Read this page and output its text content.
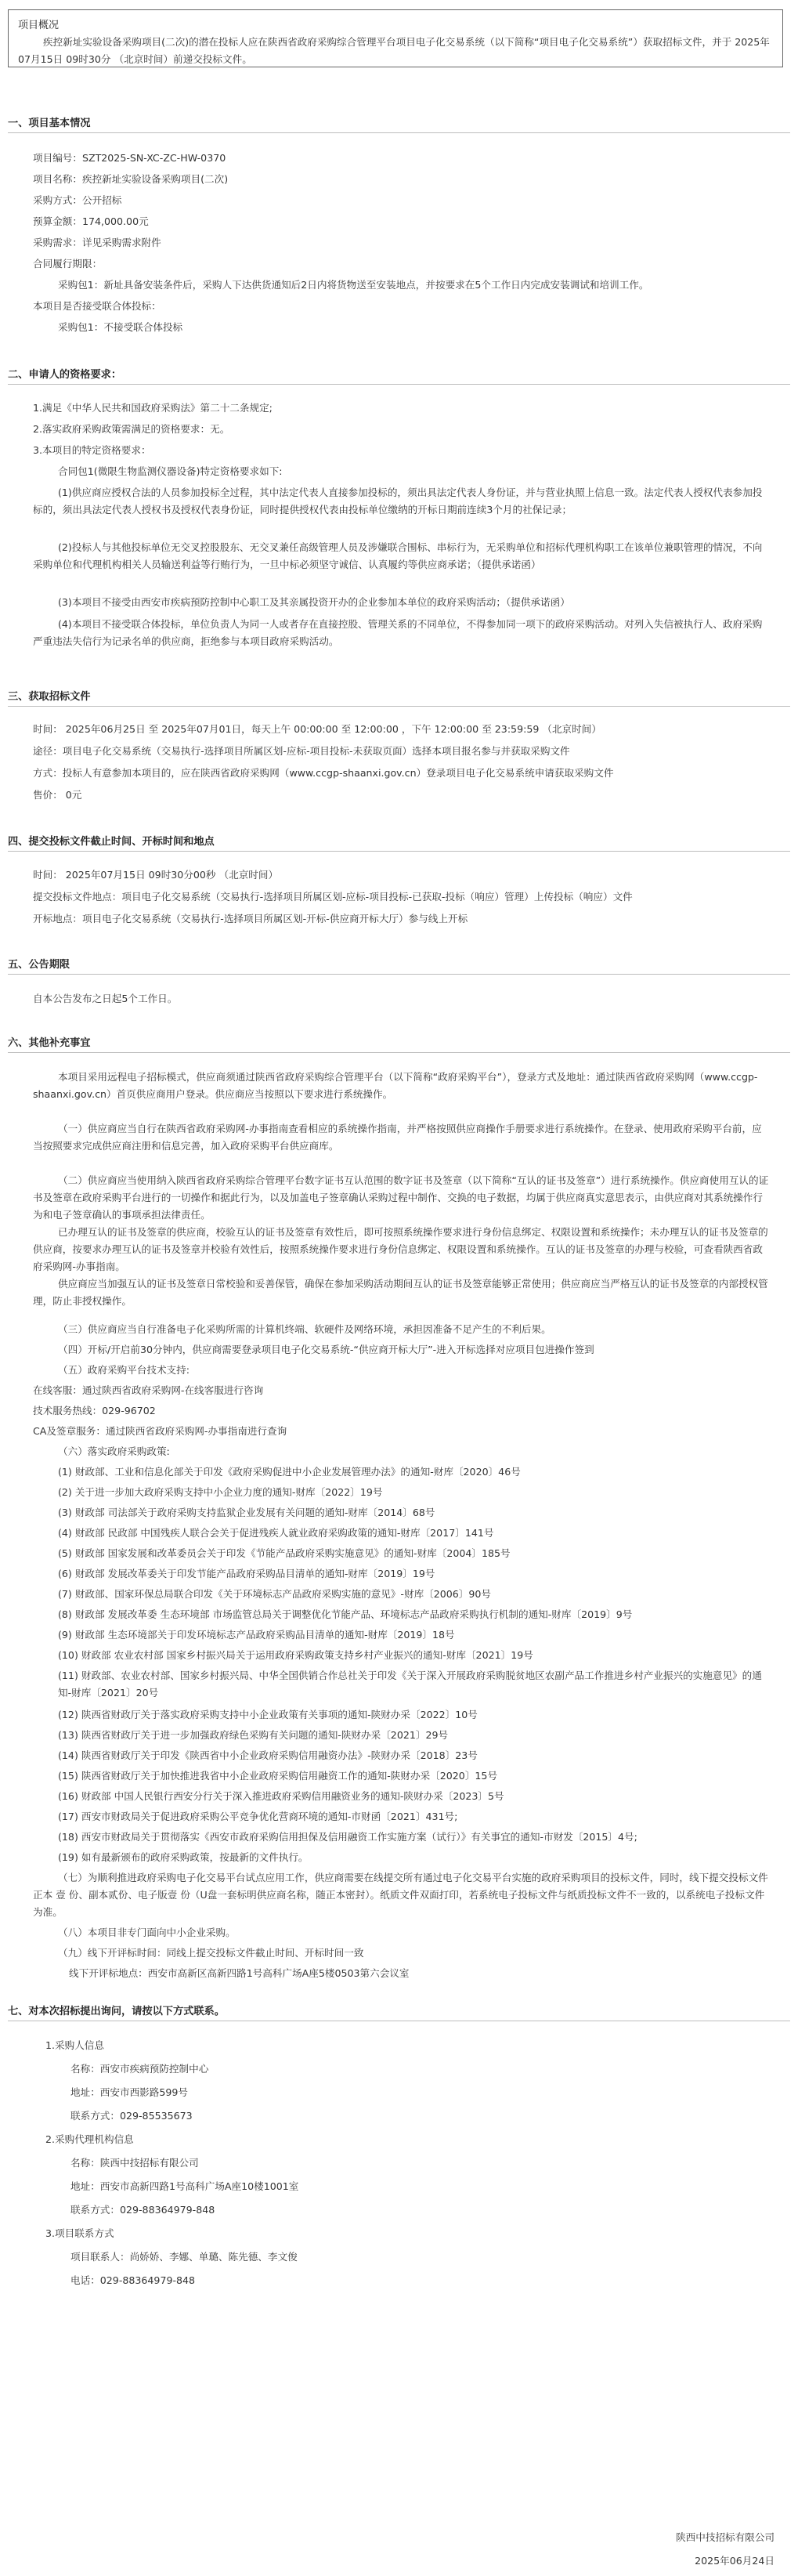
项目概况
疾控新址实验设备采购项目(二次)的潜在投标人应在陕西省政府采购综合管理平台项目电子化交易系统（以下简称“项目电子化交易系统”）获取招标文件，并于 2025年07月15日 09时30分 （北京时间）前递交投标文件。
一、项目基本情况
项目编号：SZT2025-SN-XC-ZC-HW-0370
项目名称：疾控新址实验设备采购项目(二次)
采购方式：公开招标
预算金额：174,000.00元
采购需求：详见采购需求附件
合同履行期限：
采购包1：新址具备安装条件后，采购人下达供货通知后2日内将货物送至安装地点，并按要求在5个工作日内完成安装调试和培训工作。
本项目是否接受联合体投标：
采购包1：不接受联合体投标
二、申请人的资格要求：
1.满足《中华人民共和国政府采购法》第二十二条规定;
2.落实政府采购政策需满足的资格要求：无。
3.本项目的特定资格要求：
合同包1(微限生物监测仪器设备)特定资格要求如下:
(1)供应商应授权合法的人员参加投标全过程，其中法定代表人直接参加投标的，须出具法定代表人身份证，并与营业执照上信息一致。法定代表人授权代表参加投标的，须出具法定代表人授权书及授权代表身份证，同时提供授权代表由投标单位缴纳的开标日期前连续3个月的社保记录；
(2)投标人与其他投标单位无交叉控股股东、无交叉兼任高级管理人员及涉嫌联合围标、串标行为，无采购单位和招标代理机构职工在该单位兼职管理的情况，不向采购单位和代理机构相关人员输送利益等行贿行为，一旦中标必须坚守诚信、认真履约等供应商承诺；（提供承诺函）
(3)本项目不接受由西安市疾病预防控制中心职工及其亲属投资开办的企业参加本单位的政府采购活动；（提供承诺函）
(4)本项目不接受联合体投标，单位负责人为同一人或者存在直接控股、管理关系的不同单位，不得参加同一项下的政府采购活动。对列入失信被执行人、政府采购严重违法失信行为记录名单的供应商，拒绝参与本项目政府采购活动。
三、获取招标文件
时间： 2025年06月25日 至 2025年07月01日，每天上午 00:00:00 至 12:00:00 ，下午 12:00:00 至 23:59:59 （北京时间）
途径：项目电子化交易系统（交易执行-选择项目所属区划-应标-项目投标-未获取页面）选择本项目报名参与并获取采购文件
方式：投标人有意参加本项目的，应在陕西省政府采购网（www.ccgp-shaanxi.gov.cn）登录项目电子化交易系统申请获取采购文件
售价： 0元
四、提交投标文件截止时间、开标时间和地点
时间： 2025年07月15日 09时30分00秒 （北京时间）
提交投标文件地点：项目电子化交易系统（交易执行-选择项目所属区划-应标-项目投标-已获取-投标（响应）管理）上传投标（响应）文件
开标地点：项目电子化交易系统（交易执行-选择项目所属区划-开标-供应商开标大厅）参与线上开标
五、公告期限
自本公告发布之日起5个工作日。
六、其他补充事宜
本项目采用远程电子招标模式，供应商须通过陕西省政府采购综合管理平台（以下简称“政府采购平台”），登录方式及地址：通过陕西省政府采购网（www.ccgp-shaanxi.gov.cn）首页供应商用户登录。供应商应当按照以下要求进行系统操作。
（一）供应商应当自行在陕西省政府采购网-办事指南查看相应的系统操作指南，并严格按照供应商操作手册要求进行系统操作。在登录、使用政府采购平台前，应当按照要求完成供应商注册和信息完善，加入政府采购平台供应商库。
（二）供应商应当使用纳入陕西省政府采购综合管理平台数字证书互认范围的数字证书及签章（以下简称“互认的证书及签章”）进行系统操作。供应商使用互认的证书及签章在政府采购平台进行的一切操作和据此行为，以及加盖电子签章确认采购过程中制作、交换的电子数据，均属于供应商真实意思表示，由供应商对其系统操作行为和电子签章确认的事项承担法律责任。
已办理互认的证书及签章的供应商，校验互认的证书及签章有效性后，即可按照系统操作要求进行身份信息绑定、权限设置和系统操作；未办理互认的证书及签章的供应商，按要求办理互认的证书及签章并校验有效性后，按照系统操作要求进行身份信息绑定、权限设置和系统操作。互认的证书及签章的办理与校验，可查看陕西省政府采购网-办事指南。
供应商应当加强互认的证书及签章日常校验和妥善保管，确保在参加采购活动期间互认的证书及签章能够正常使用；供应商应当严格互认的证书及签章的内部授权管理，防止非授权操作。
（三）供应商应当自行准备电子化采购所需的计算机终端、软硬件及网络环境，承担因准备不足产生的不利后果。
（四）开标/开启前30分钟内，供应商需要登录项目电子化交易系统-“供应商开标大厅”-进入开标选择对应项目包进操作签到
（五）政府采购平台技术支持:
在线客服：通过陕西省政府采购网-在线客服进行咨询
技术服务热线：029-96702
CA及签章服务：通过陕西省政府采购网-办事指南进行查询
（六）落实政府采购政策:
(1) 财政部、工业和信息化部关于印发《政府采购促进中小企业发展管理办法》的通知-财库〔2020〕46号
(2) 关于进一步加大政府采购支持中小企业力度的通知-财库〔2022〕19号
(3) 财政部 司法部关于政府采购支持监狱企业发展有关问题的通知-财库〔2014〕68号
(4) 财政部 民政部 中国残疾人联合会关于促进残疾人就业政府采购政策的通知-财库〔2017〕141号
(5) 财政部 国家发展和改革委员会关于印发《节能产品政府采购实施意见》的通知-财库〔2004〕185号
(6) 财政部 发展改革委关于印发节能产品政府采购品目清单的通知-财库〔2019〕19号
(7) 财政部、国家环保总局联合印发《关于环境标志产品政府采购实施的意见》-财库〔2006〕90号
(8) 财政部 发展改革委 生态环境部 市场监管总局关于调整优化节能产品、环境标志产品政府采购执行机制的通知-财库〔2019〕9号
(9) 财政部 生态环境部关于印发环境标志产品政府采购品目清单的通知-财库〔2019〕18号
(10) 财政部 农业农村部 国家乡村振兴局关于运用政府采购政策支持乡村产业振兴的通知-财库〔2021〕19号
(11) 财政部、农业农村部、国家乡村振兴局、中华全国供销合作总社关于印发《关于深入开展政府采购脱贫地区农副产品工作推进乡村产业振兴的实施意见》的通知-财库〔2021〕20号
(12) 陕西省财政厅关于落实政府采购支持中小企业政策有关事项的通知-陕财办采〔2022〕10号
(13) 陕西省财政厅关于进一步加强政府绿色采购有关问题的通知-陕财办采〔2021〕29号
(14) 陕西省财政厅关于印发《陕西省中小企业政府采购信用融资办法》-陕财办采〔2018〕23号
(15) 陕西省财政厅关于加快推进我省中小企业政府采购信用融资工作的通知-陕财办采〔2020〕15号
(16) 财政部 中国人民银行西安分行关于深入推进政府采购信用融资业务的通知-陕财办采〔2023〕5号
(17) 西安市财政局关于促进政府采购公平竞争优化营商环境的通知-市财函〔2021〕431号;
(18) 西安市财政局关于贯彻落实《西安市政府采购信用担保及信用融资工作实施方案（试行）》有关事宜的通知-市财发〔2015〕4号;
(19) 如有最新颁布的政府采购政策，按最新的文件执行。
（七）为顺利推进政府采购电子化交易平台试点应用工作，供应商需要在线提交所有通过电子化交易平台实施的政府采购项目的投标文件，同时，线下提交投标文件正本 壹 份、副本贰份、电子版壹 份（U盘一套标明供应商名称，随正本密封）。纸质文件双面打印，若系统电子投标文件与纸质投标文件不一致的，以系统电子投标文件为准。
（八）本项目非专门面向中小企业采购。
（九）线下开评标时间：同线上提交投标文件截止时间、开标时间一致
线下开评标地点：西安市高新区高新四路1号高科广场A座5楼0503第六会议室
七、对本次招标提出询问，请按以下方式联系。
1.采购人信息
名称：西安市疾病预防控制中心
地址：西安市西影路599号
联系方式：029-85535673
2.采购代理机构信息
名称：陕西中技招标有限公司
地址：西安市高新四路1号高科广场A座10楼1001室
联系方式：029-88364979-848
3.项目联系方式
项目联系人：尚娇娇、李娜、单璐、陈先德、李文俊
电话：029-88364979-848
陕西中技招标有限公司
2025年06月24日
